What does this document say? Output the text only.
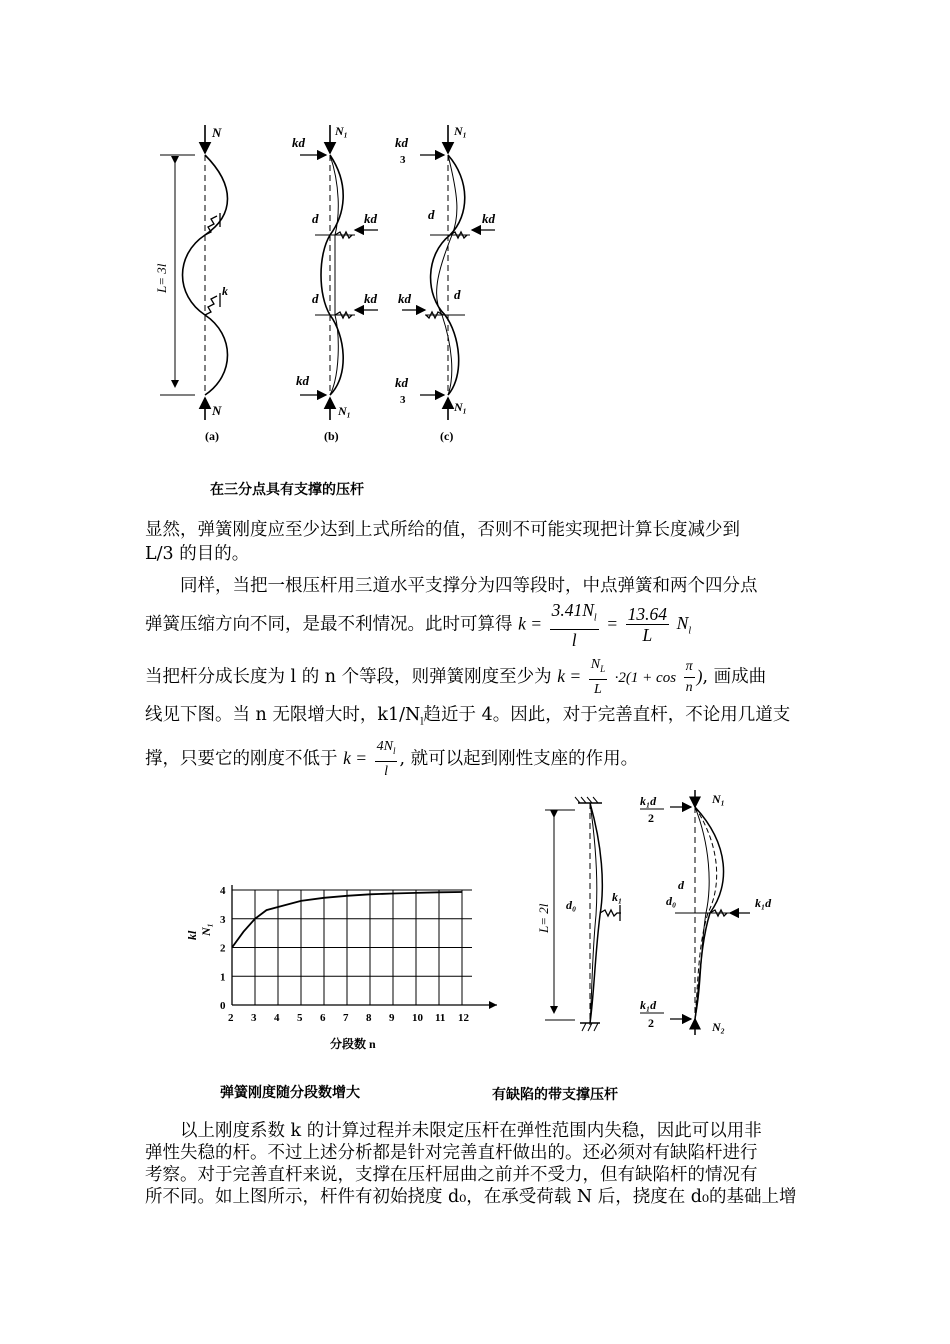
N
N
k
L= 3l
(a)
kd
N₁
d	kd
d	kd
kd
N₁
(b)
kd
3
N₁
d	kd
kd	d
kd
3	N₁
(c)
在三分点具有支撑的压杆
显然，弹簧刚度应至少达到上式所给的值，否则不可能实现把计算长度减少到
L/3 的目的。
同样，当把一根压杆用三道水平支撑分为四等段时，中点弹簧和两个四分点
弹簧压缩方向不同，是最不利情况。此时可算得 $k = \frac{3.41N_l}{l} = \frac{13.64}{L} N_l$
当把杆分成长度为 l 的 n 个等段，则弹簧刚度至少为 $k = \frac{N_L}{L} \cdot 2(1 + \cos \frac{\pi}{n}$ ), 画成曲
线见下图。当 n 无限增大时，$k1/N_l$趋近于 4。因此，对于完善直杆，不论用几道支
撑，只要它的刚度不低于 $k = \frac{4N_l}{l}$ , 就可以起到刚性支座的作用。
2 3 4 5 6 7 8 9 10 11 12
0
1
2
3
4
分段数 n
kl N₁
弹簧刚度随分段数增大
L= 2l d₀
k₁
k₁d
2
N₁
d
d₀	k₁d
k₁d
2	N₂
有缺陷的带支撑压杆
以上刚度系数 k 的计算过程并未限定压杆在弹性范围内失稳，因此可以用非
弹性失稳的杆。不过上述分析都是针对完善直杆做出的。还必须对有缺陷杆进行
考察。对于完善直杆来说，支撑在压杆屈曲之前并不受力，但有缺陷杆的情况有
所不同。如上图所示，杆件有初始挠度 d₀，在承受荷载 N 后，挠度在 d₀的基础上增
